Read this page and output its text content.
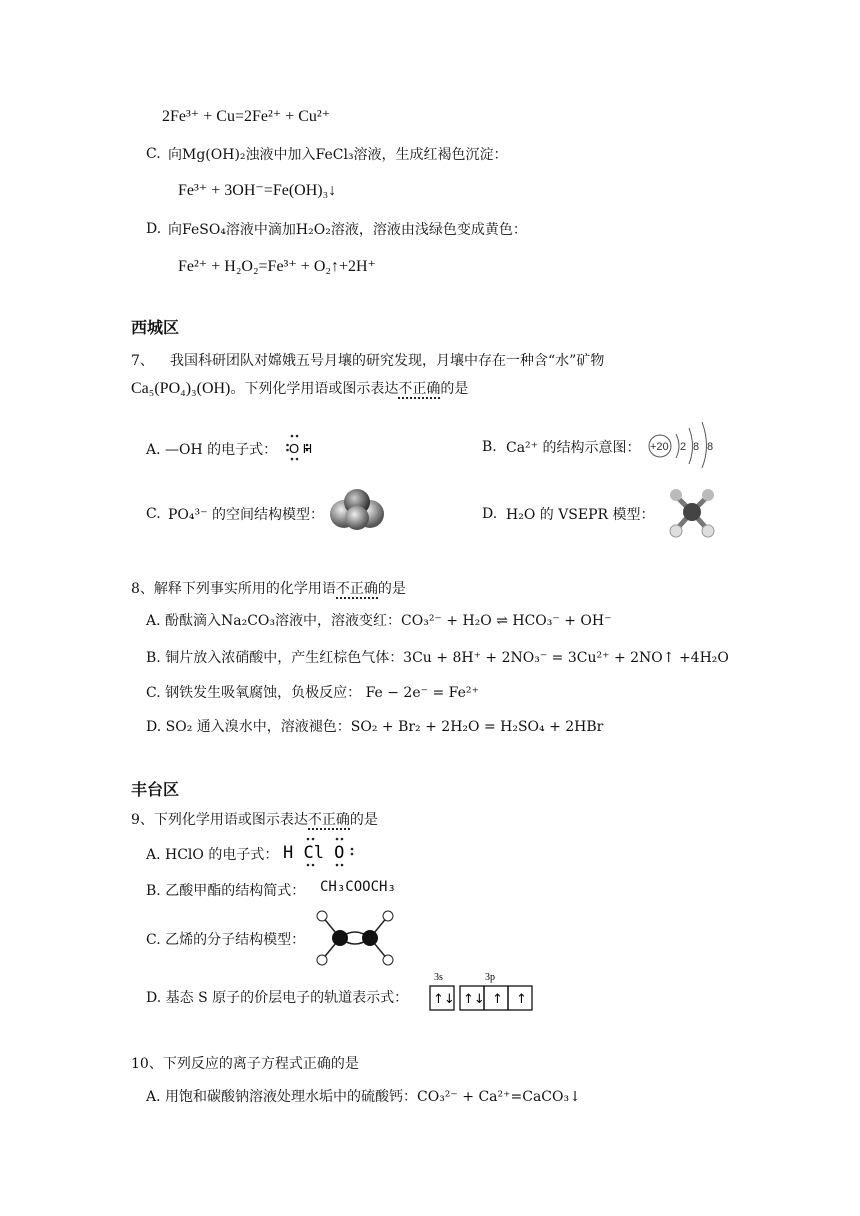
2Fe³⁺ + Cu=2Fe²⁺ + Cu²⁺
C. 向Mg(OH)₂浊液中加入FeCl₃溶液，生成红褐色沉淀：
Fe³⁺ + 3OH⁻=Fe(OH)₃↓
D. 向FeSO₄溶液中滴加H₂O₂溶液，溶液由浅绿色变成黄色：
Fe²⁺ + H₂O₂=Fe³⁺ + O₂↑+2H⁺
西城区
7、 我国科研团队对嫦娥五号月壤的研究发现，月壤中存在一种含“水”矿物
Ca₅(PO₄)₃(OH)。下列化学用语或图示表达不正确的是
A. —OH 的电子式： O H	B. Ca²⁺ 的结构示意图： +20 2 8 8
C. PO₄³⁻ 的空间结构模型：	D. H₂O 的 VSEPR 模型：
8、解释下列事实所用的化学用语不正确的是
A. 酚酞滴入Na₂CO₃溶液中，溶液变红：CO₃²⁻ + H₂O ⇌ HCO₃⁻ + OH⁻
B. 铜片放入浓硝酸中，产生红棕色气体：3Cu + 8H⁺ + 2NO₃⁻ = 3Cu²⁺ + 2NO↑ +4H₂O
C. 钢铁发生吸氧腐蚀，负极反应： Fe − 2e⁻ = Fe²⁺
D. SO₂ 通入溴水中，溶液褪色：SO₂ + Br₂ + 2H₂O = H₂SO₄ + 2HBr
丰台区
9、下列化学用语或图示表达不正确的是
A. HClO 的电子式： H Cl O
B. 乙酸甲酯的结构简式： CH₃COOCH₃
C. 乙烯的分子结构模型：
D. 基态 S 原子的价层电子的轨道表示式：
3s	3p
↑↓ ↑↓ ↑ ↑
10、下列反应的离子方程式正确的是
A. 用饱和碳酸钠溶液处理水垢中的硫酸钙：CO₃²⁻ + Ca²⁺=CaCO₃↓
